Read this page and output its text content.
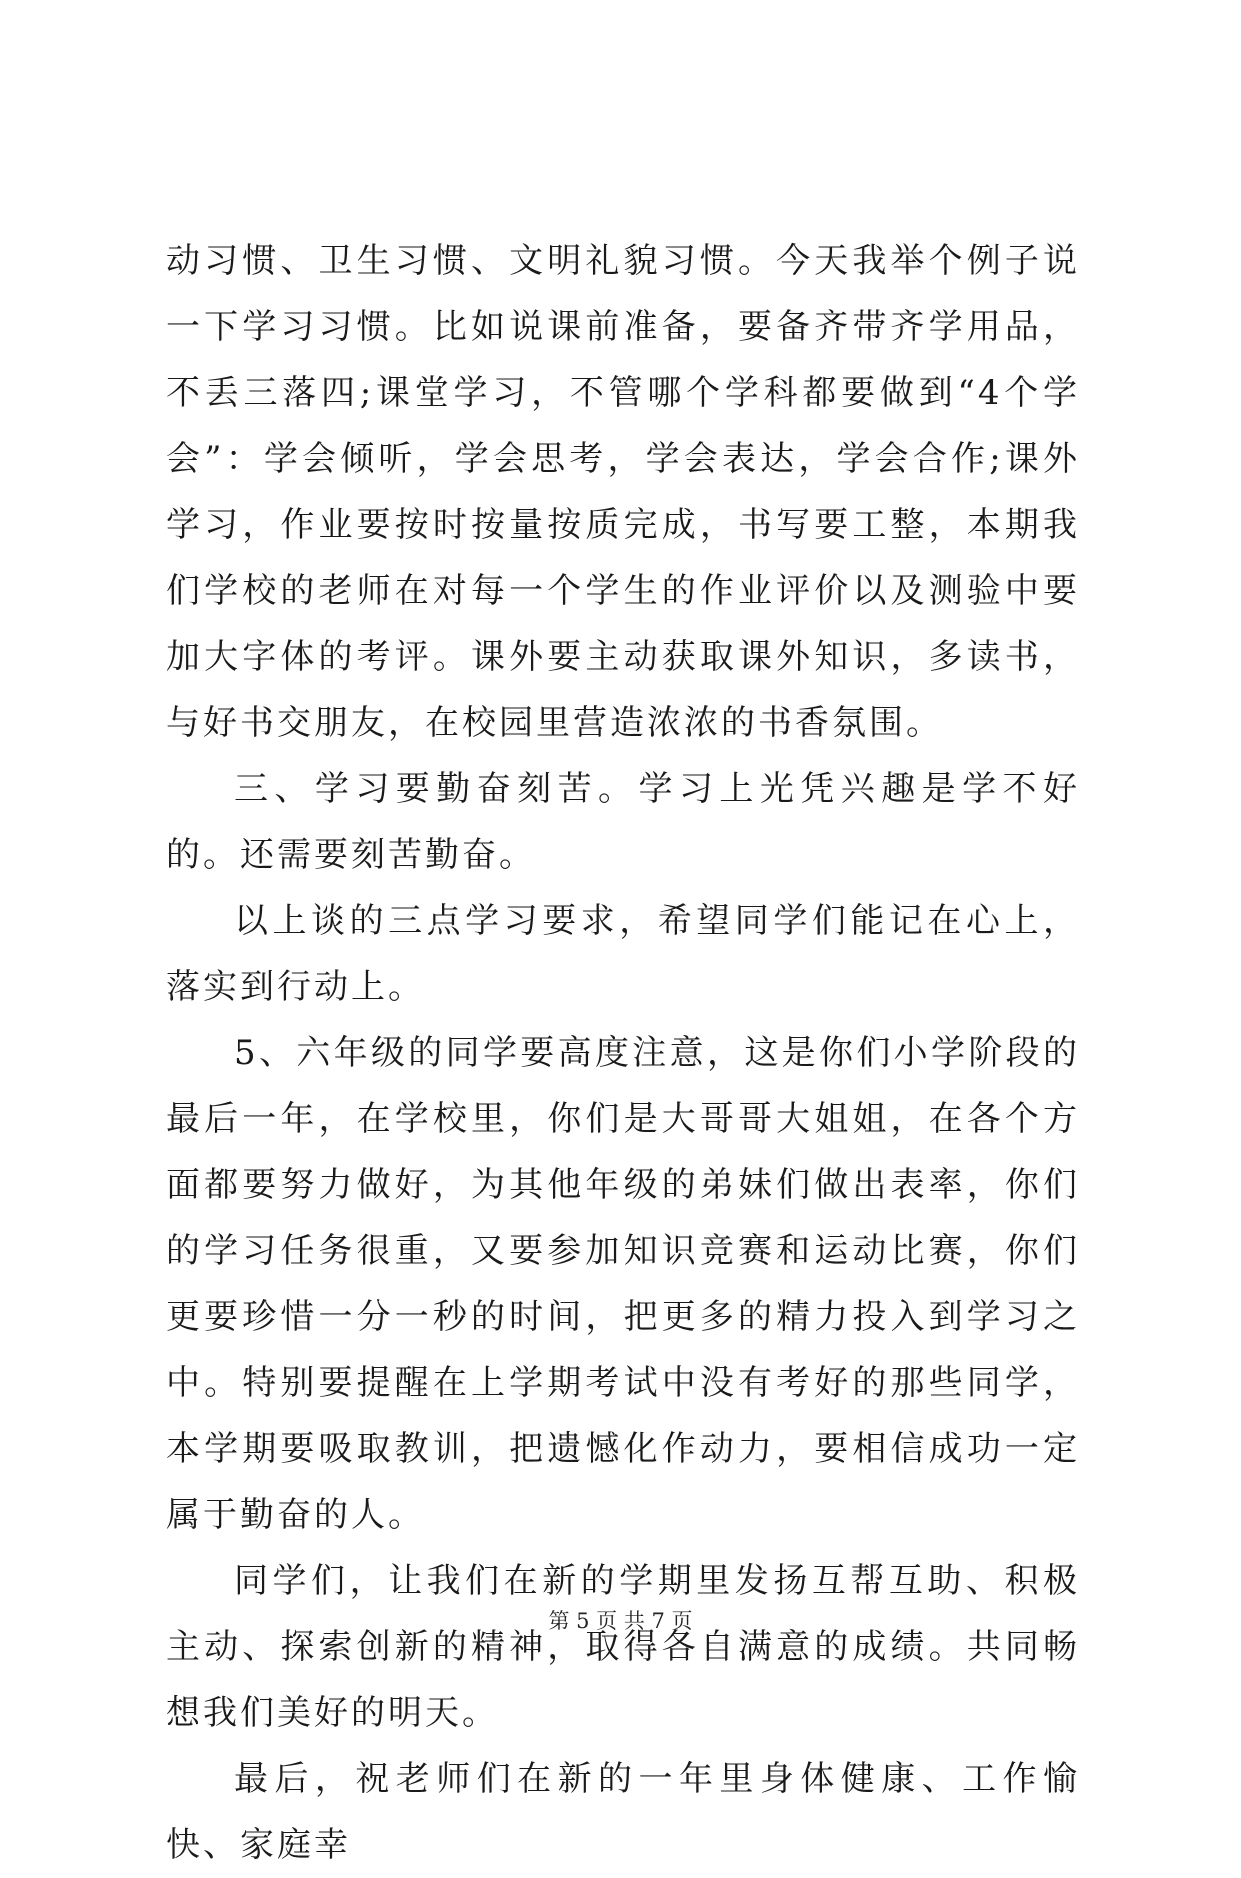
动习惯、卫生习惯、文明礼貌习惯。今天我举个例子说一下学习习惯。比如说课前准备，要备齐带齐学用品，不丢三落四;课堂学习，不管哪个学科都要做到“4个学会”：学会倾听，学会思考，学会表达，学会合作;课外学习，作业要按时按量按质完成，书写要工整，本期我们学校的老师在对每一个学生的作业评价以及测验中要加大字体的考评。课外要主动获取课外知识，多读书，与好书交朋友，在校园里营造浓浓的书香氛围。

三、学习要勤奋刻苦。学习上光凭兴趣是学不好的。还需要刻苦勤奋。

以上谈的三点学习要求，希望同学们能记在心上，落实到行动上。

5、六年级的同学要高度注意，这是你们小学阶段的最后一年，在学校里，你们是大哥哥大姐姐，在各个方面都要努力做好，为其他年级的弟妹们做出表率，你们的学习任务很重，又要参加知识竞赛和运动比赛，你们更要珍惜一分一秒的时间，把更多的精力投入到学习之中。特别要提醒在上学期考试中没有考好的那些同学，本学期要吸取教训，把遗憾化作动力，要相信成功一定属于勤奋的人。

同学们，让我们在新的学期里发扬互帮互助、积极主动、探索创新的精神，取得各自满意的成绩。共同畅想我们美好的明天。

最后，祝老师们在新的一年里身体健康、工作愉快、家庭幸

第 5 页 共 7 页
